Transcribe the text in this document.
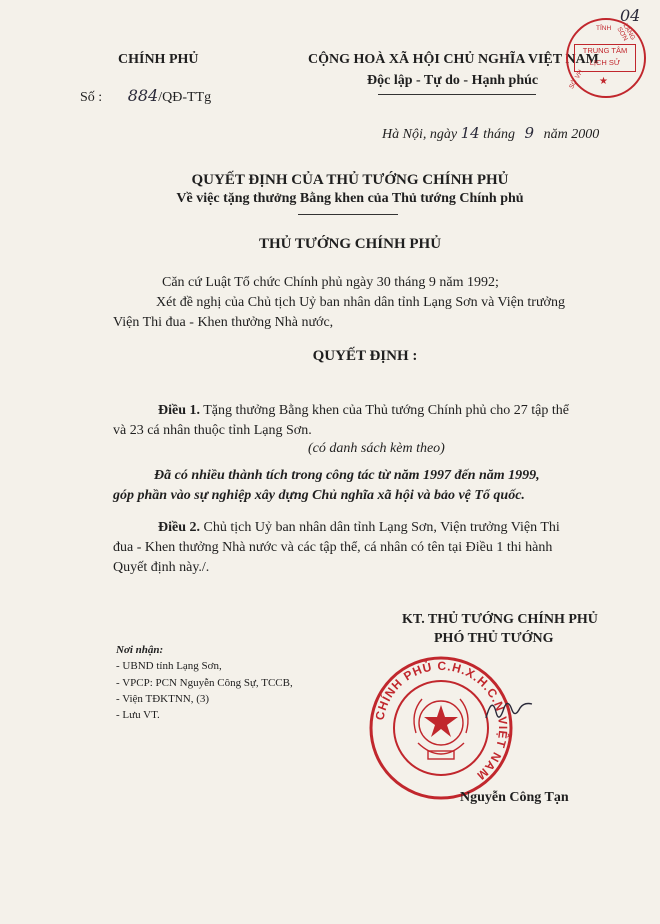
04
CHÍNH PHỦ
Số : 884/QĐ-TTg
CỘNG HOÀ XÃ HỘI CHỦ NGHĨA VIỆT NAM
Độc lập - Tự do - Hạnh phúc
TỈNH
SỞ VH
LẠNG SƠN
TRUNG TÂM
LỊCH SỬ
★
Hà Nội, ngày 14 tháng 9 năm 2000
QUYẾT ĐỊNH CỦA THỦ TƯỚNG CHÍNH PHỦ
Về việc tặng thưởng Bằng khen của Thủ tướng Chính phủ
THỦ TƯỚNG CHÍNH PHỦ
Căn cứ Luật Tổ chức Chính phủ ngày 30 tháng 9 năm 1992;
Xét đề nghị của Chủ tịch Uỷ ban nhân dân tỉnh Lạng Sơn và Viện trưởng
Viện Thi đua - Khen thưởng Nhà nước,
QUYẾT ĐỊNH :
Điều 1. Tặng thưởng Bằng khen của Thủ tướng Chính phủ cho 27 tập thể
và 23 cá nhân thuộc tỉnh Lạng Sơn.
(có danh sách kèm theo)
Đã có nhiều thành tích trong công tác từ năm 1997 đến năm 1999,
góp phần vào sự nghiệp xây dựng Chủ nghĩa xã hội và bảo vệ Tổ quốc.
Điều 2. Chủ tịch Uỷ ban nhân dân tỉnh Lạng Sơn, Viện trưởng Viện Thi
đua - Khen thưởng Nhà nước và các tập thể, cá nhân có tên tại Điều 1 thi hành
Quyết định này./.
KT. THỦ TƯỚNG CHÍNH PHỦ
PHÓ THỦ TƯỚNG
Nơi nhận:
- UBND tỉnh Lạng Sơn,
- VPCP: PCN Nguyễn Công Sự, TCCB,
- Viện TĐKTNN, (3)
- Lưu VT.	CHÍNH PHỦ C.H.X.H.C.N VIỆT NAM
Nguyễn Công Tạn
